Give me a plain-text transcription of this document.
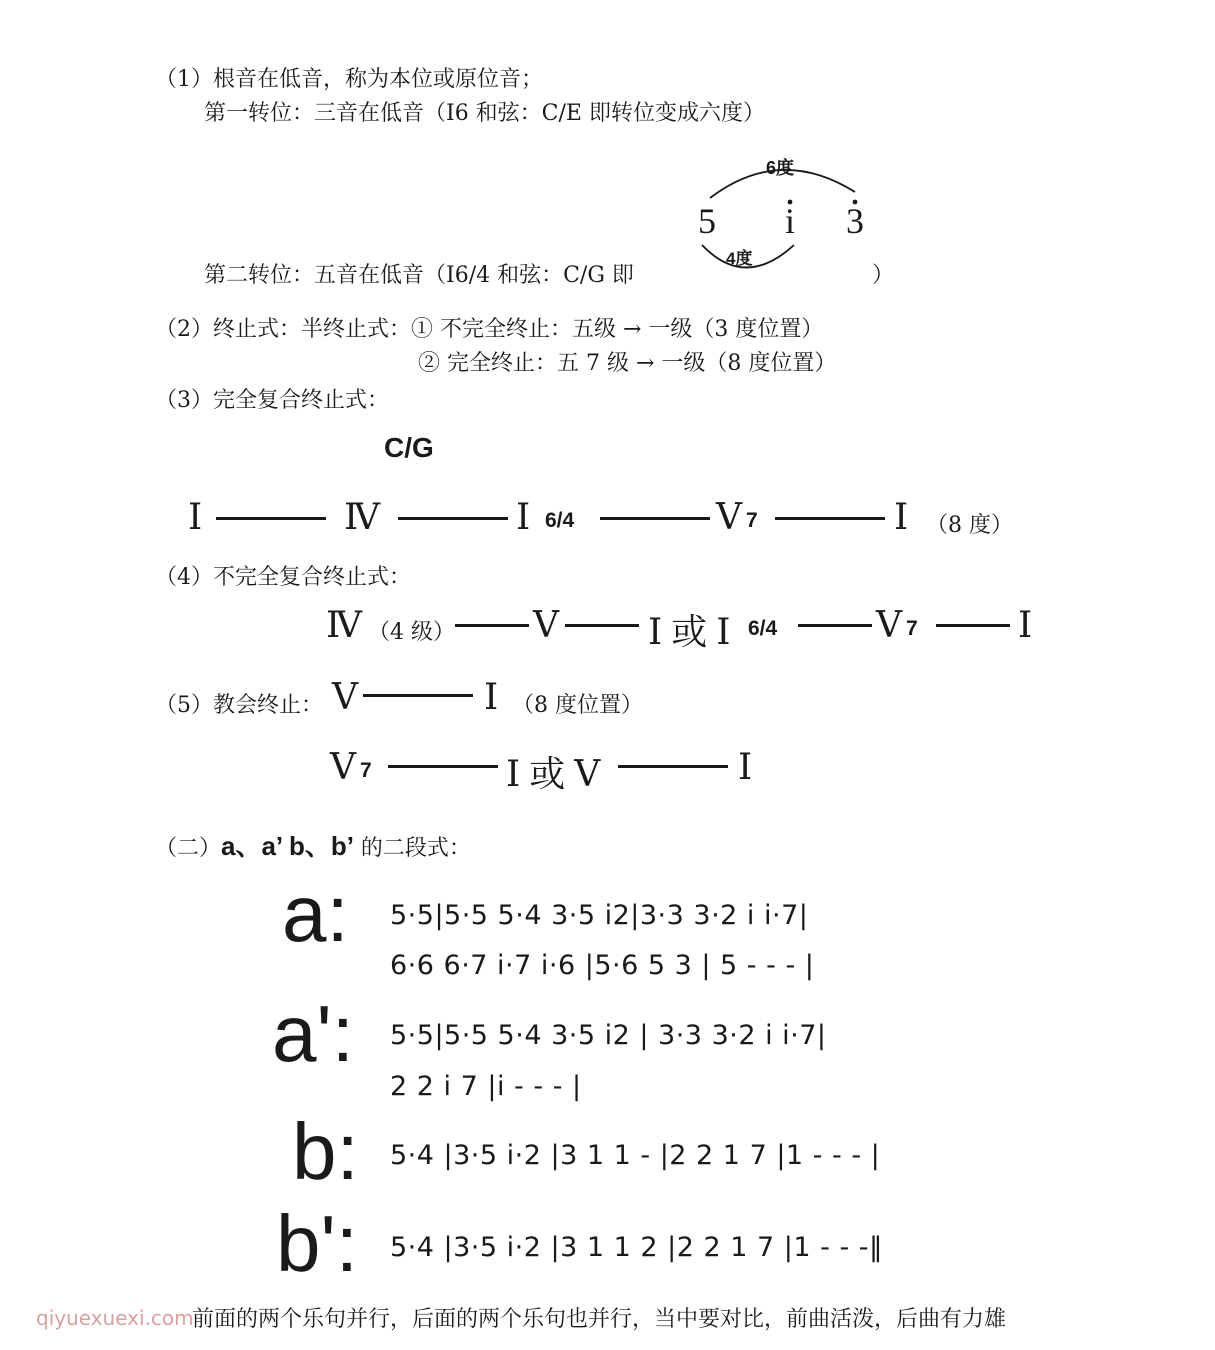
（1）根音在低音，称为本位或原位音；
第一转位：三音在低音（Ⅰ6 和弦：C/E 即转位变成六度）
6度
4度
5 i 3
第二转位：五音在低音（Ⅰ6/4 和弦：C/G 即	）
（2）终止式：半终止式：① 不完全终止：五级 → 一级（3 度位置）
② 完全终止：五 7 级 → 一级（8 度位置）
（3）完全复合终止式：
C/G
Ⅰ	Ⅳ	Ⅰ 6/4	Ⅴ 7	Ⅰ （8 度）
（4）不完全复合终止式：
Ⅳ （4 级） Ⅴ Ⅰ 或 Ⅰ 6/4	Ⅴ 7	Ⅰ
（5）教会终止： Ⅴ	Ⅰ （8 度位置）
Ⅴ 7	Ⅰ 或 Ⅴ	Ⅰ
（二）a、a’ b、b’ 的二段式：
a: 5·5|5·5 5·4 3·5 i2|3·3 3·2 i i·7|
6·6 6·7 i·7 i·6 |5·6 5 3 | 5 - - - |
a': 5·5|5·5 5·4 3·5 i2 | 3·3 3·2 i i·7|
2 2 i 7 |i - - - |
b: 5·4 |3·5 i·2 |3 1 1 - |2 2 1 7 |1 - - - |
b': 5·4 |3·5 i·2 |3 1 1 2 |2 2 1 7 |1 - - -‖
qiyuexuexi.com
前面的两个乐句并行，后面的两个乐句也并行，当中要对比，前曲活泼，后曲有力雄
